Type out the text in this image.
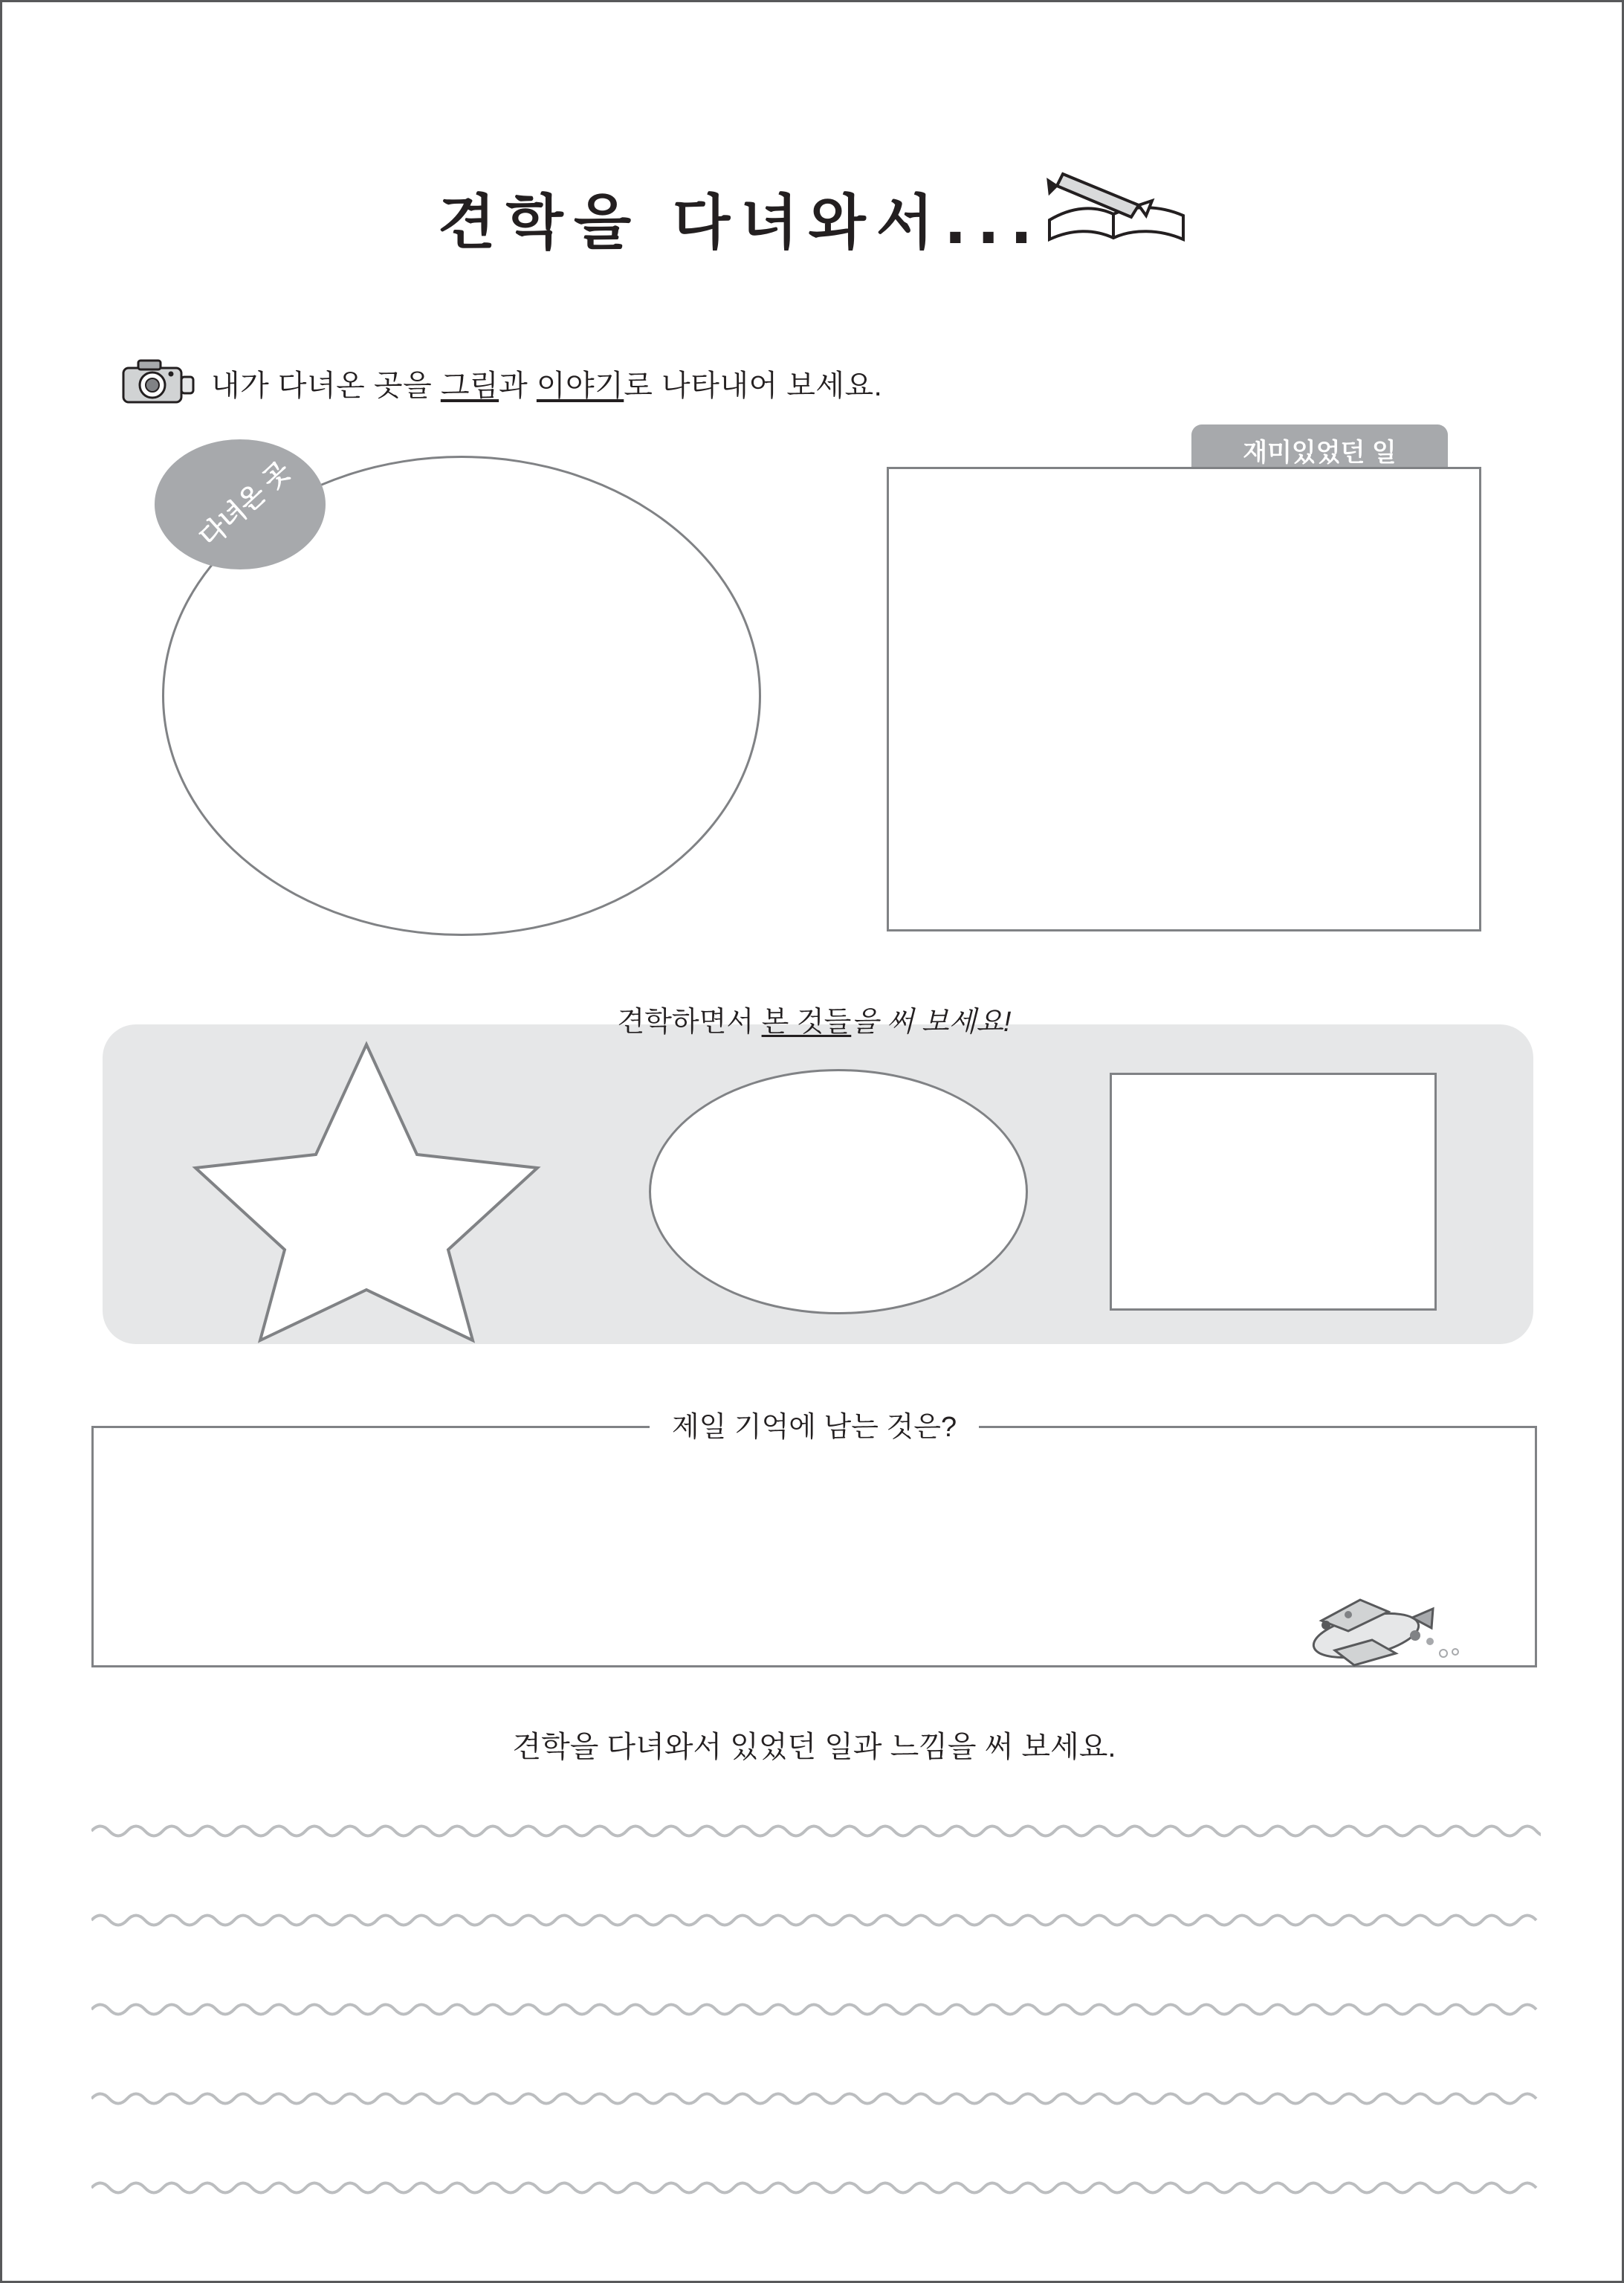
견학을 다녀와서...
내가 다녀온 곳을 그림과 이야기로 나타내어 보세요.
다녀온 곳
재미있었던 일
견학하면서 본 것들을 써 보세요!
제일 기억에 남는 것은?
견학을 다녀와서 있었던 일과 느낌을 써 보세요.
